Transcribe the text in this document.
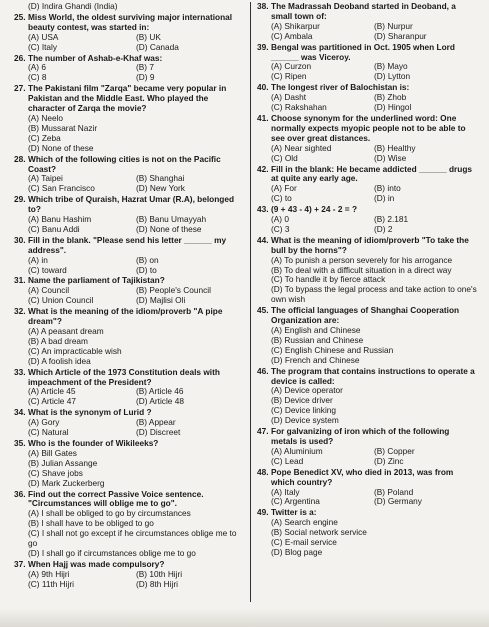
(D) Indira Ghandi (India)
25. Miss World, the oldest surviving major international beauty contest, was started in:
(A) USA	(B) UK
(C) Italy	(D) Canada
26. The number of Ashab-e-Khaf was:
(A) 6	(B) 7
(C) 8	(D) 9
27. The Pakistani film "Zarqa" became very popular in Pakistan and the Middle East. Who played the character of Zarqa the movie?
(A) Neelo
(B) Mussarat Nazir
(C) Zeba
(D) None of these
28. Which of the following cities is not on the Pacific Coast?
(A) Taipei	(B) Shanghai
(C) San Francisco	(D) New York
29. Which tribe of Quraish, Hazrat Umar (R.A), belonged to?
(A) Banu Hashim	(B) Banu Umayyah
(C) Banu Addi	(D) None of these
30. Fill in the blank. "Please send his letter ______ my address".
(A) in	(B) on
(C) toward	(D) to
31. Name the parliament of Tajikistan?
(A) Council	(B) People's Council
(C) Union Council	(D) Majlisi Oli
32. What is the meaning of the idiom/proverb "A pipe dream"?
(A) A peasant dream
(B) A bad dream
(C) An impracticable wish
(D) A foolish idea
33. Which Article of the 1973 Constitution deals with impeachment of the President?
(A) Article 45	(B) Article 46
(C) Article 47	(D) Article 48
34. What is the synonym of Lurid ?
(A) Gory	(B) Appear
(C) Natural	(D) Discreet
35. Who is the founder of Wikileeks?
(A) Bill Gates
(B) Julian Assange
(C) Shave jobs
(D) Mark Zuckerberg
36. Find out the correct Passive Voice sentence. "Circumstances will oblige me to go".
(A) I shall be obliged to go by circumstances
(B) I shall have to be obliged to go
(C) I shall not go except if he circumstances oblige me to go
(D) I shall go if circumstances oblige me to go
37. When Hajj was made compulsory?
(A) 9th Hijri	(B) 10th Hijri
(C) 11th Hijri	(D) 8th Hijri
38. The Madrassah Deoband started in Deoband, a small town of:
(A) Shikarpur	(B) Nurpur
(C) Ambala	(D) Sharanpur
39. Bengal was partitioned in Oct. 1905 when Lord ______ was Viceroy.
(A) Curzon	(B) Mayo
(C) Ripen	(D) Lytton
40. The longest river of Balochistan is:
(A) Dasht	(B) Zhob
(C) Rakshahan	(D) Hingol
41. Choose synonym for the underlined word: One normally expects myopic people not to be able to see over great distances.
(A) Near sighted	(B) Healthy
(C) Old	(D) Wise
42. Fill in the blank: He became addicted ______ drugs at quite any early age.
(A) For	(B) into
(C) to	(D) in
43. (9 + 43 - 4) + 24 - 2 = ?
(A) 0	(B) 2.181
(C) 3	(D) 2
44. What is the meaning of idiom/proverb "To take the bull by the horns"?
(A) To punish a person severely for his arrogance
(B) To deal with a difficult situation in a direct way
(C) To handle it by fierce attack
(D) To bypass the legal process and take action to one's own wish
45. The official languages of Shanghai Cooperation Organization are:
(A) English and Chinese
(B) Russian and Chinese
(C) English Chinese and Russian
(D) French and Chinese
46. The program that contains instructions to operate a device is called:
(A) Device operator
(B) Device driver
(C) Device linking
(D) Device system
47. For galvanizing of iron which of the following metals is used?
(A) Aluminium	(B) Copper
(C) Lead	(D) Zinc
48. Pope Benedict XV, who died in 2013, was from which country?
(A) Italy	(B) Poland
(C) Argentina	(D) Germany
49. Twitter is a:
(A) Search engine
(B) Social network service
(C) E-mail service
(D) Blog page
